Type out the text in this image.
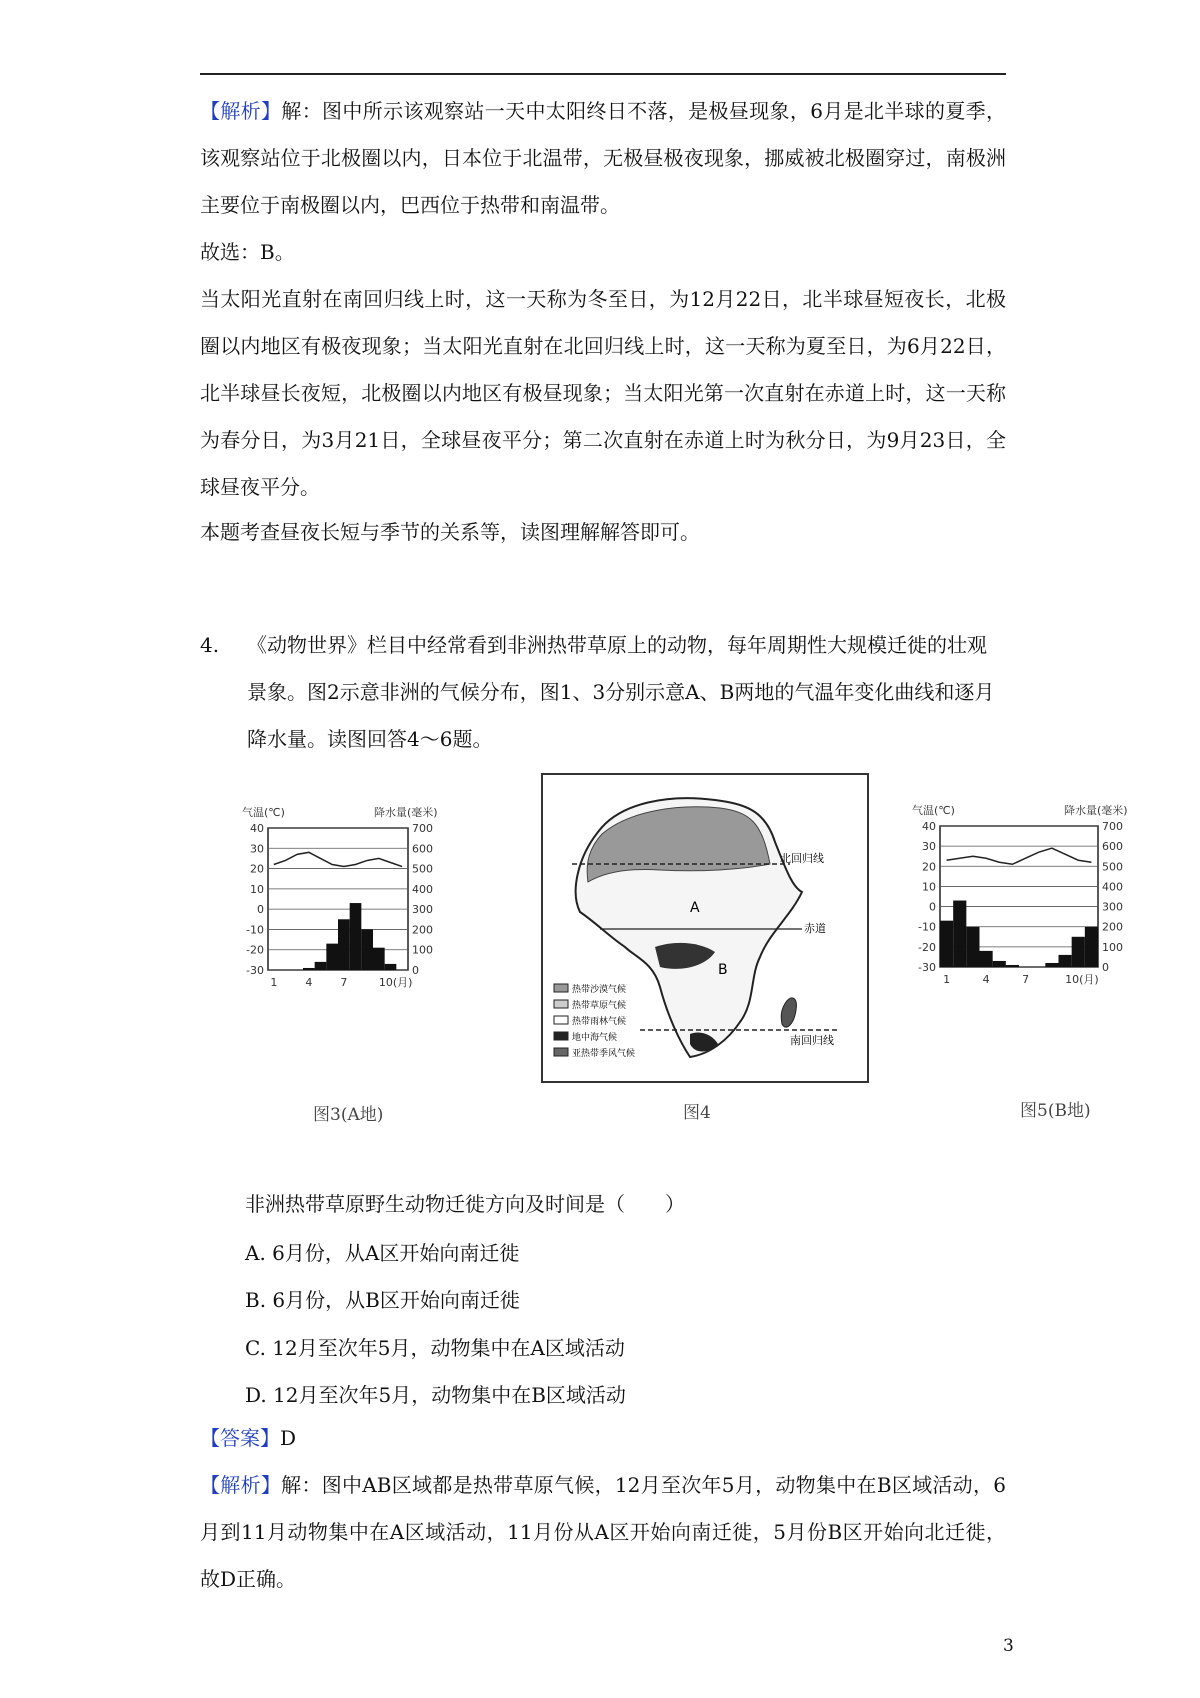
【解析】解：图中所示该观察站一天中太阳终日不落，是极昼现象，6月是北半球的夏季，该观察站位于北极圈以内，日本位于北温带，无极昼极夜现象，挪威被北极圈穿过，南极洲主要位于南极圈以内，巴西位于热带和南温带。

故选：B。

当太阳光直射在南回归线上时，这一天称为冬至日，为12月22日，北半球昼短夜长，北极圈以内地区有极夜现象；当太阳光直射在北回归线上时，这一天称为夏至日，为6月22日，北半球昼长夜短，北极圈以内地区有极昼现象；当太阳光第一次直射在赤道上时，这一天称为春分日，为3月21日，全球昼夜平分；第二次直射在赤道上时为秋分日，为9月23日，全球昼夜平分。

本题考查昼夜长短与季节的关系等，读图理解解答即可。

4. 《动物世界》栏目中经常看到非洲热带草原上的动物，每年周期性大规模迁徙的壮观景象。图2示意非洲的气候分布，图1、3分别示意A、B两地的气温年变化曲线和逐月降水量。读图回答4～6题。
40	700
30	600
20	500
10	400
0	300
-10	200
-20	100
-30	0
1	4	7	10(月)
气温(℃)	降水量(毫米)
图3(A地)
北回归线
赤道
南回归线
A
B
热带沙漠气候
热带草原气候
热带雨林气候
地中海气候
亚热带季风气候
图4
40	700
30	600
20	500
10	400
0	300
-10	200
-20	100
-30	0
1	4	7	10(月)
气温(℃)	降水量(毫米)
图5(B地)
非洲热带草原野生动物迁徙方向及时间是（　　）
A. 6月份，从A区开始向南迁徙
B. 6月份，从B区开始向南迁徙
C. 12月至次年5月，动物集中在A区域活动
D. 12月至次年5月，动物集中在B区域活动

【答案】D

【解析】解：图中AB区域都是热带草原气候，12月至次年5月，动物集中在B区域活动，6月到11月动物集中在A区域活动，11月份从A区开始向南迁徙，5月份B区开始向北迁徙，故D正确。

3
